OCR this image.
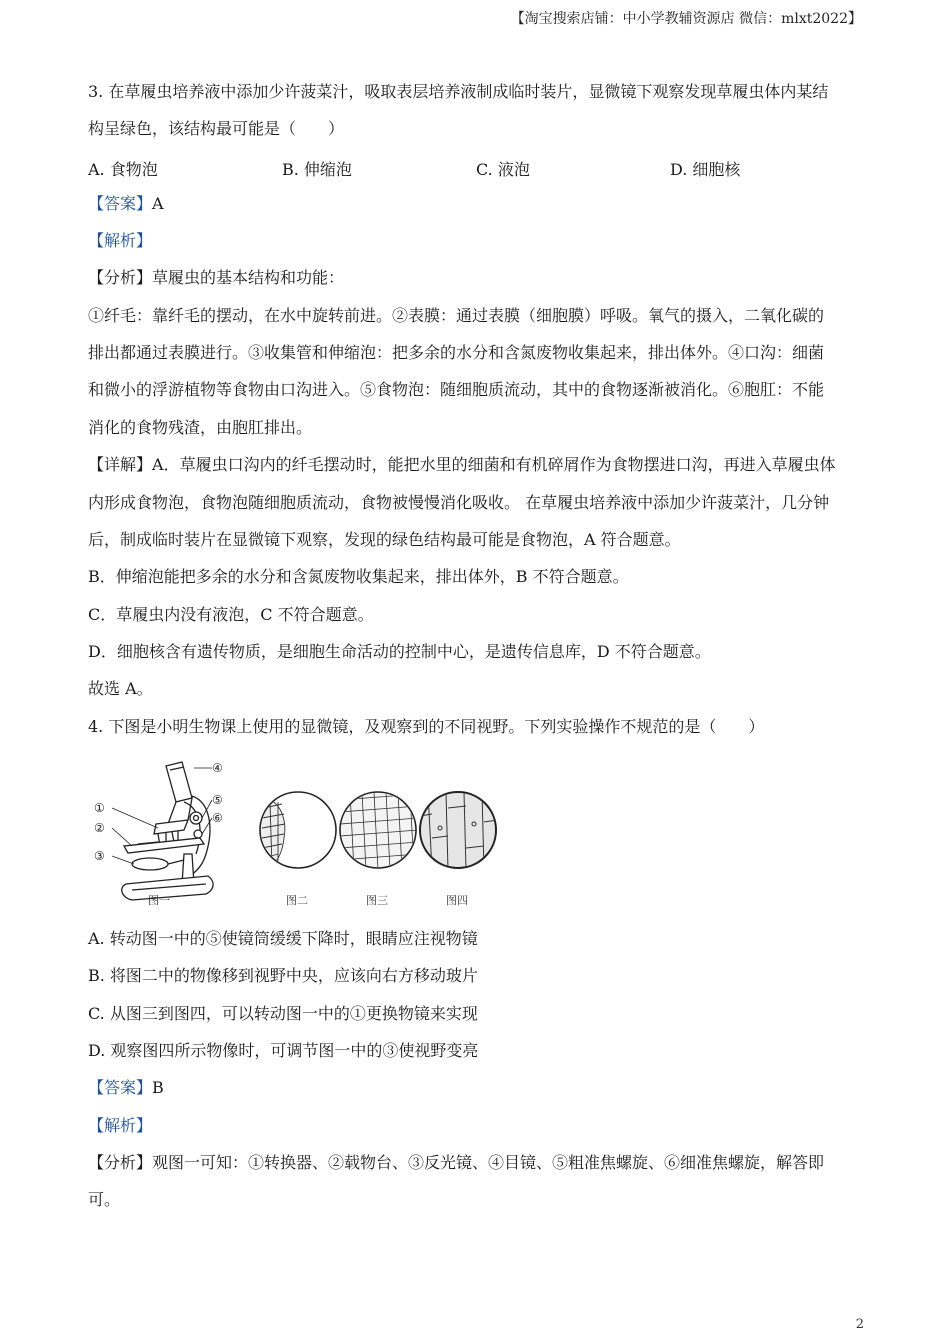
【淘宝搜索店铺：中小学教辅资源店 微信：mlxt2022】
3. 在草履虫培养液中添加少许菠菜汁，吸取表层培养液制成临时装片，显微镜下观察发现草履虫体内某结
构呈绿色，该结构最可能是（　　）
A. 食物泡	B. 伸缩泡	C. 液泡	D. 细胞核
【答案】A
【解析】
【分析】草履虫的基本结构和功能：
①纤毛：靠纤毛的摆动，在水中旋转前进。②表膜：通过表膜（细胞膜）呼吸。氧气的摄入，二氧化碳的
排出都通过表膜进行。③收集管和伸缩泡：把多余的水分和含氮废物收集起来，排出体外。④口沟：细菌
和微小的浮游植物等食物由口沟进入。⑤食物泡：随细胞质流动，其中的食物逐渐被消化。⑥胞肛：不能
消化的食物残渣，由胞肛排出。
【详解】A．草履虫口沟内的纤毛摆动时，能把水里的细菌和有机碎屑作为食物摆进口沟，再进入草履虫体
内形成食物泡，食物泡随细胞质流动，食物被慢慢消化吸收。 在草履虫培养液中添加少许菠菜汁，几分钟
后，制成临时装片在显微镜下观察，发现的绿色结构最可能是食物泡，A 符合题意。
B．伸缩泡能把多余的水分和含氮废物收集起来，排出体外，B 不符合题意。
C．草履虫内没有液泡，C 不符合题意。
D．细胞核含有遗传物质，是细胞生命活动的控制中心，是遗传信息库，D 不符合题意。
故选 A。
4. 下图是小明生物课上使用的显微镜，及观察到的不同视野。下列实验操作不规范的是（　　）
④
①
②
③
⑤
⑥
图一	图二	图三	图四
A. 转动图一中的⑤使镜筒缓缓下降时，眼睛应注视物镜
B. 将图二中的物像移到视野中央，应该向右方移动玻片
C. 从图三到图四，可以转动图一中的①更换物镜来实现
D. 观察图四所示物像时，可调节图一中的③使视野变亮
【答案】B
【解析】
【分析】观图一可知：①转换器、②载物台、③反光镜、④目镜、⑤粗准焦螺旋、⑥细准焦螺旋，解答即
可。
2
